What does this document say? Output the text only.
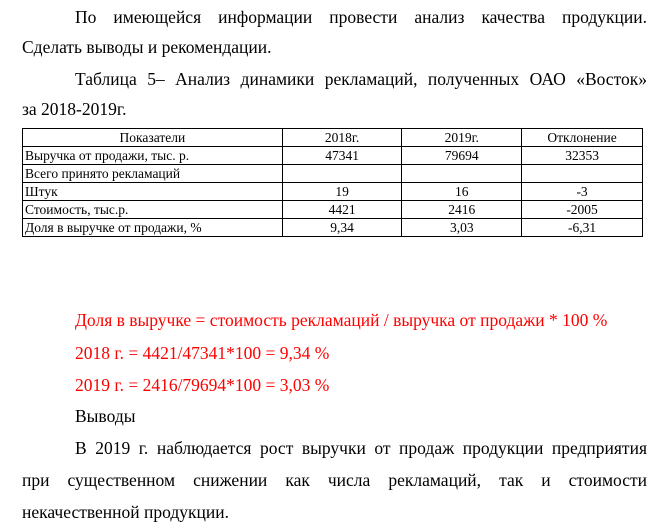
По имеющейся информации провести анализ качества продукции.

Сделать выводы и рекомендации.

Таблица 5– Анализ динамики рекламаций, полученных ОАО «Восток»

за 2018-2019г.

Показатели	2018г.	2019г.	Отклонение
Выручка от продажи, тыс. р.	47341	79694	32353
Всего принято рекламаций			
Штук	19	16	-3
Стоимость, тыс.р.	4421	2416	-2005
Доля в выручке от продажи, %	9,34	3,03	-6,31

Доля в выручке = стоимость рекламаций / выручка от продажи * 100 %

2018 г. = 4421/47341*100 = 9,34 %

2019 г. = 2416/79694*100 = 3,03 %

Выводы

В 2019 г. наблюдается рост выручки от продаж продукции предприятия

при существенном снижении как числа рекламаций, так и стоимости

некачественной продукции.
